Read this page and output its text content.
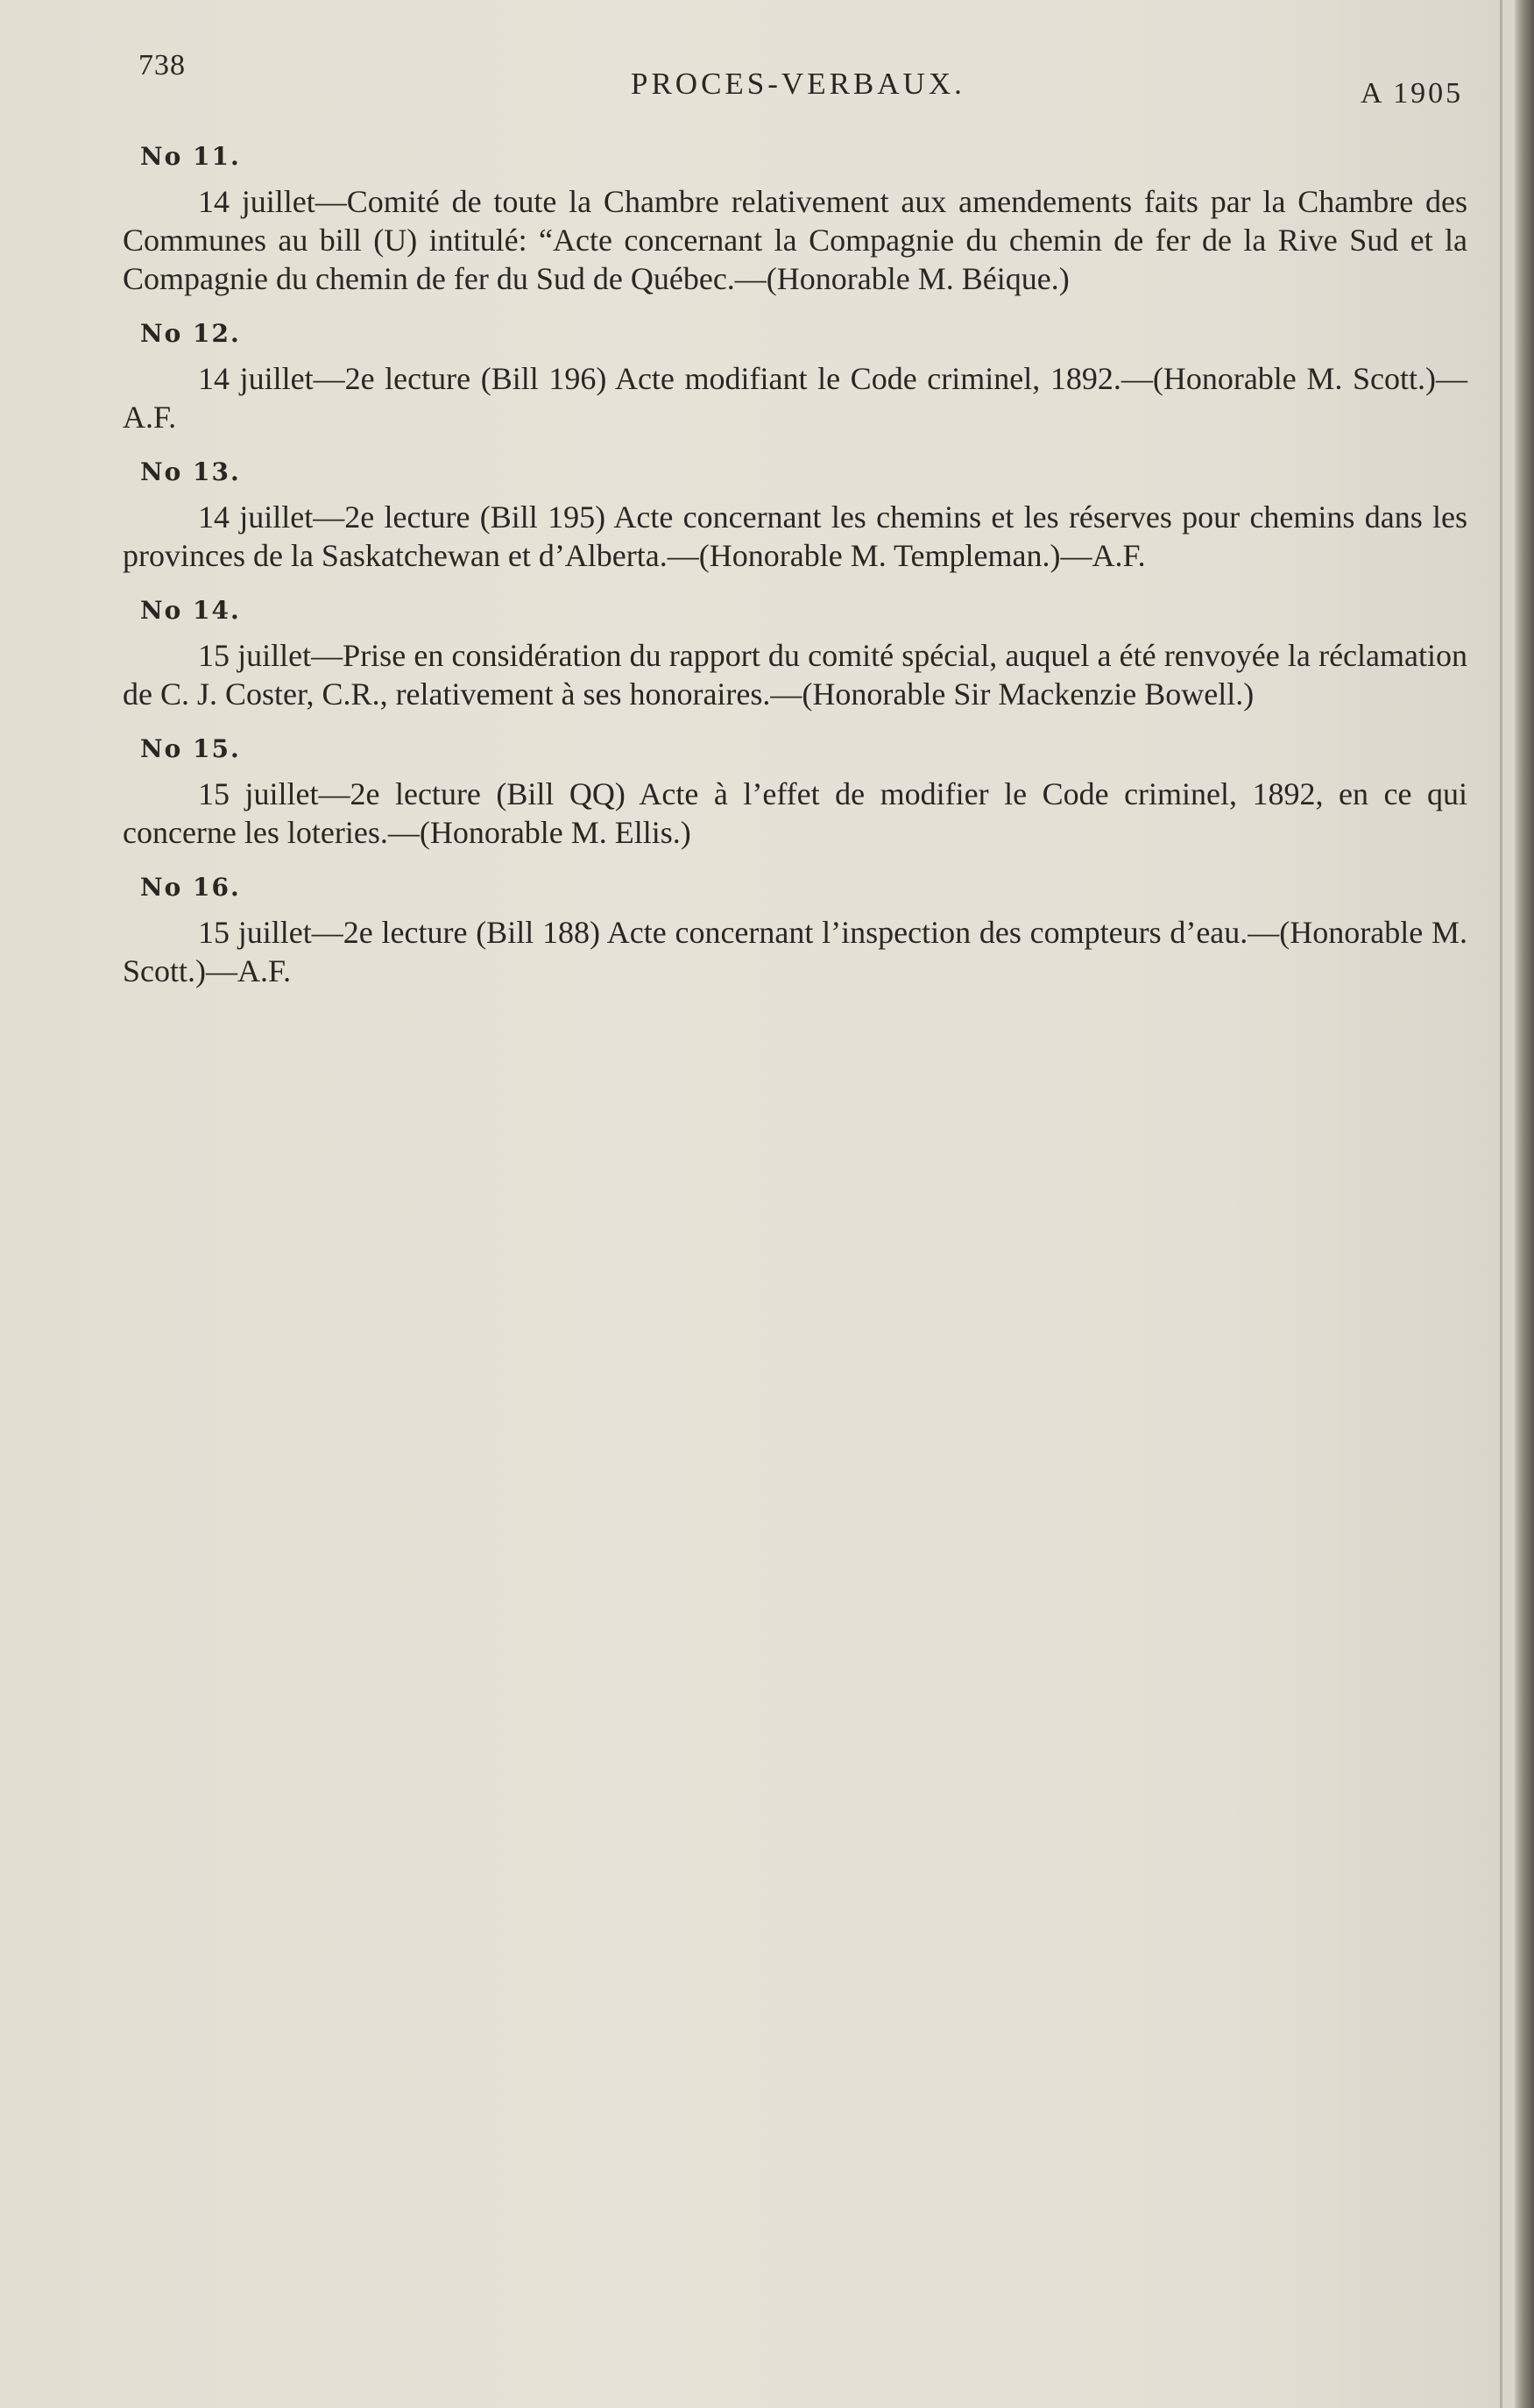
738
PROCES-VERBAUX.	A 1905
No 11.

14 juillet—Comité de toute la Chambre relativement aux amendements faits par la Chambre des Communes au bill (U) intitulé: “Acte concernant la Compagnie du chemin de fer de la Rive Sud et la Compagnie du chemin de fer du Sud de Québec.—(Honorable M. Béique.)

No 12.

14 juillet—2e lecture (Bill 196) Acte modifiant le Code criminel, 1892.—(Honorable M. Scott.)—A.F.

No 13.

14 juillet—2e lecture (Bill 195) Acte concernant les chemins et les réserves pour chemins dans les provinces de la Saskatchewan et d’Alberta.—(Honorable M. Templeman.)—A.F.

No 14.

15 juillet—Prise en considération du rapport du comité spécial, auquel a été renvoyée la réclamation de C. J. Coster, C.R., relativement à ses honoraires.—(Honorable Sir Mackenzie Bowell.)

No 15.

15 juillet—2e lecture (Bill QQ) Acte à l’effet de modifier le Code criminel, 1892, en ce qui concerne les loteries.—(Honorable M. Ellis.)

No 16.

15 juillet—2e lecture (Bill 188) Acte concernant l’inspection des compteurs d’eau.—(Honorable M. Scott.)—A.F.
